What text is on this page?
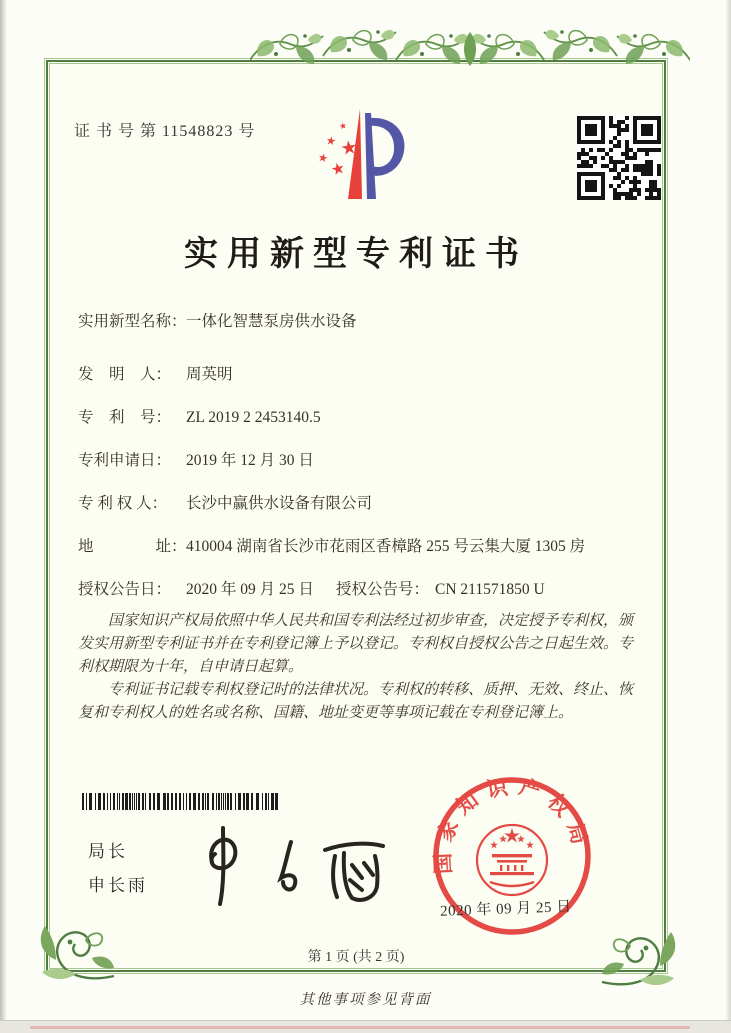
证 书 号 第 11548823 号
实用新型专利证书
实用新型名称：一体化智慧泵房供水设备
发　明　人： 周英明
专　利　号： ZL 2019 2 2453140.5
专利申请日： 2019 年 12 月 30 日
专 利 权 人： 长沙中赢供水设备有限公司
地　　　　址：410004 湖南省长沙市花雨区香樟路 255 号云集大厦 1305 房
授权公告日： 2020 年 09 月 25 日 授权公告号： CN 211571850 U

国家知识产权局依照中华人民共和国专利法经过初步审查，决定授予专利权，颁发实用新型专利证书并在专利登记簿上予以登记。专利权自授权公告之日起生效。专利权期限为十年，自申请日起算。

专利证书记载专利权登记时的法律状况。专利权的转移、质押、无效、终止、恢复和专利权人的姓名或名称、国籍、地址变更等事项记载在专利登记簿上。

局长
申长雨
国家知识产权局
2020 年 09 月 25 日
第 1 页 (共 2 页)
其他事项参见背面
